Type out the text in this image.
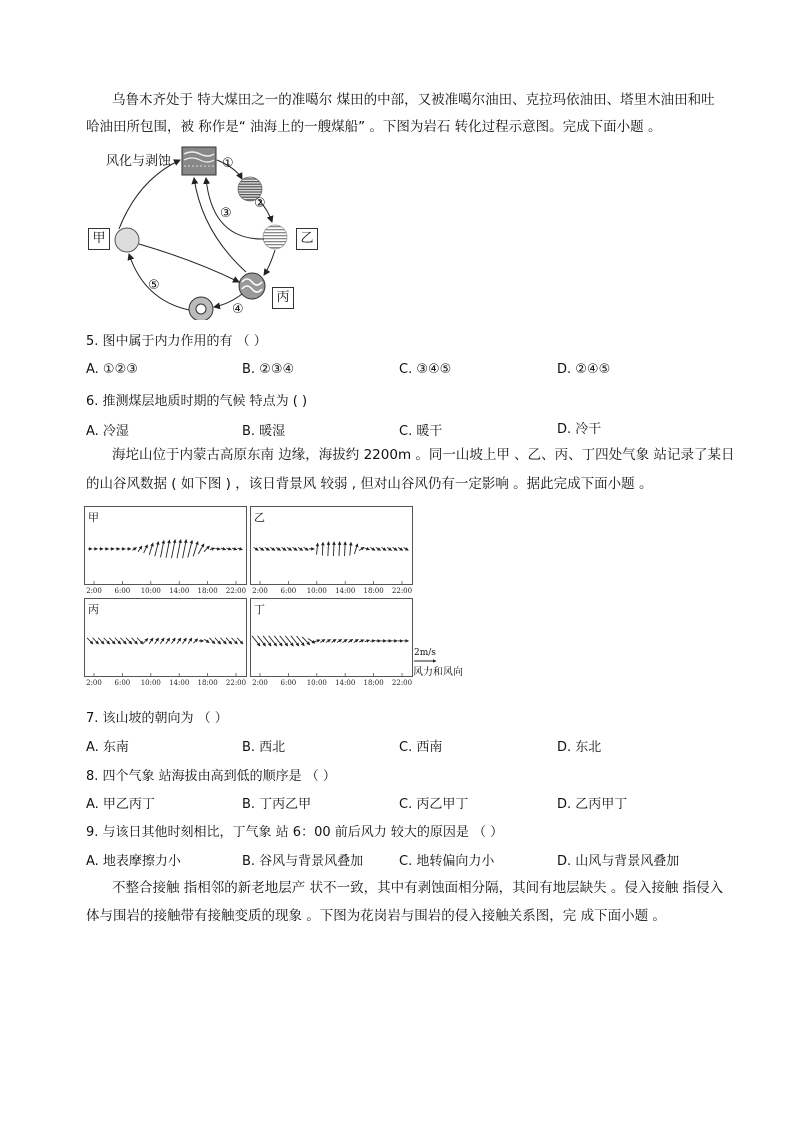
乌鲁木齐处于 特大煤田之一的准噶尔 煤田的中部，又被准噶尔油田、克拉玛依油田、塔里木油田和吐
哈油田所包围，被 称作是“ 油海上的一艘煤船” 。下图为岩石 转化过程示意图。完成下面小题 。
风化与剥蚀
甲	乙
丙
①
②
③
④
⑤
5. 图中属于内力作用的有 （ ）
A. ①②③	B. ②③④	C. ③④⑤	D. ②④⑤
6. 推测煤层地质时期的气候 特点为 ( )
A. 冷湿	B. 暖湿	C. 暖干	D. 冷干
海坨山位于内蒙古高原东南 边缘，海拔约 2200m 。同一山坡上甲 、乙、丙、丁四处气象 站记录了某日
的山谷风数据 ( 如下图 ) ，该日背景风 较弱 , 但对山谷风仍有一定影响 。据此完成下面小题 。
2:00 6:00 10:00 14:00 18:00 22:00 2:00 6:00 10:00 14:00 18:00 22:00
2:00 6:00 10:00 14:00 18:00 22:00 2:00 6:00 10:00 14:00 18:00 22:00
甲	乙
丙	丁
2m/s
风力和风向
7. 该山坡的朝向为 （ ）
A. 东南	B. 西北	C. 西南	D. 东北
8. 四个气象 站海拔由高到低的顺序是 （ ）
A. 甲乙丙丁	B. 丁丙乙甲	C. 丙乙甲丁	D. 乙丙甲丁
9. 与该日其他时刻相比，丁气象 站 6：00 前后风力 较大的原因是 （ ）
A. 地表摩擦力小	B. 谷风与背景风叠加	C. 地转偏向力小	D. 山风与背景风叠加
不整合接触 指相邻的新老地层产 状不一致，其中有剥蚀面相分隔，其间有地层缺失 。侵入接触 指侵入
体与围岩的接触带有接触变质的现象 。下图为花岗岩与围岩的侵入接触关系图，完 成下面小题 。
